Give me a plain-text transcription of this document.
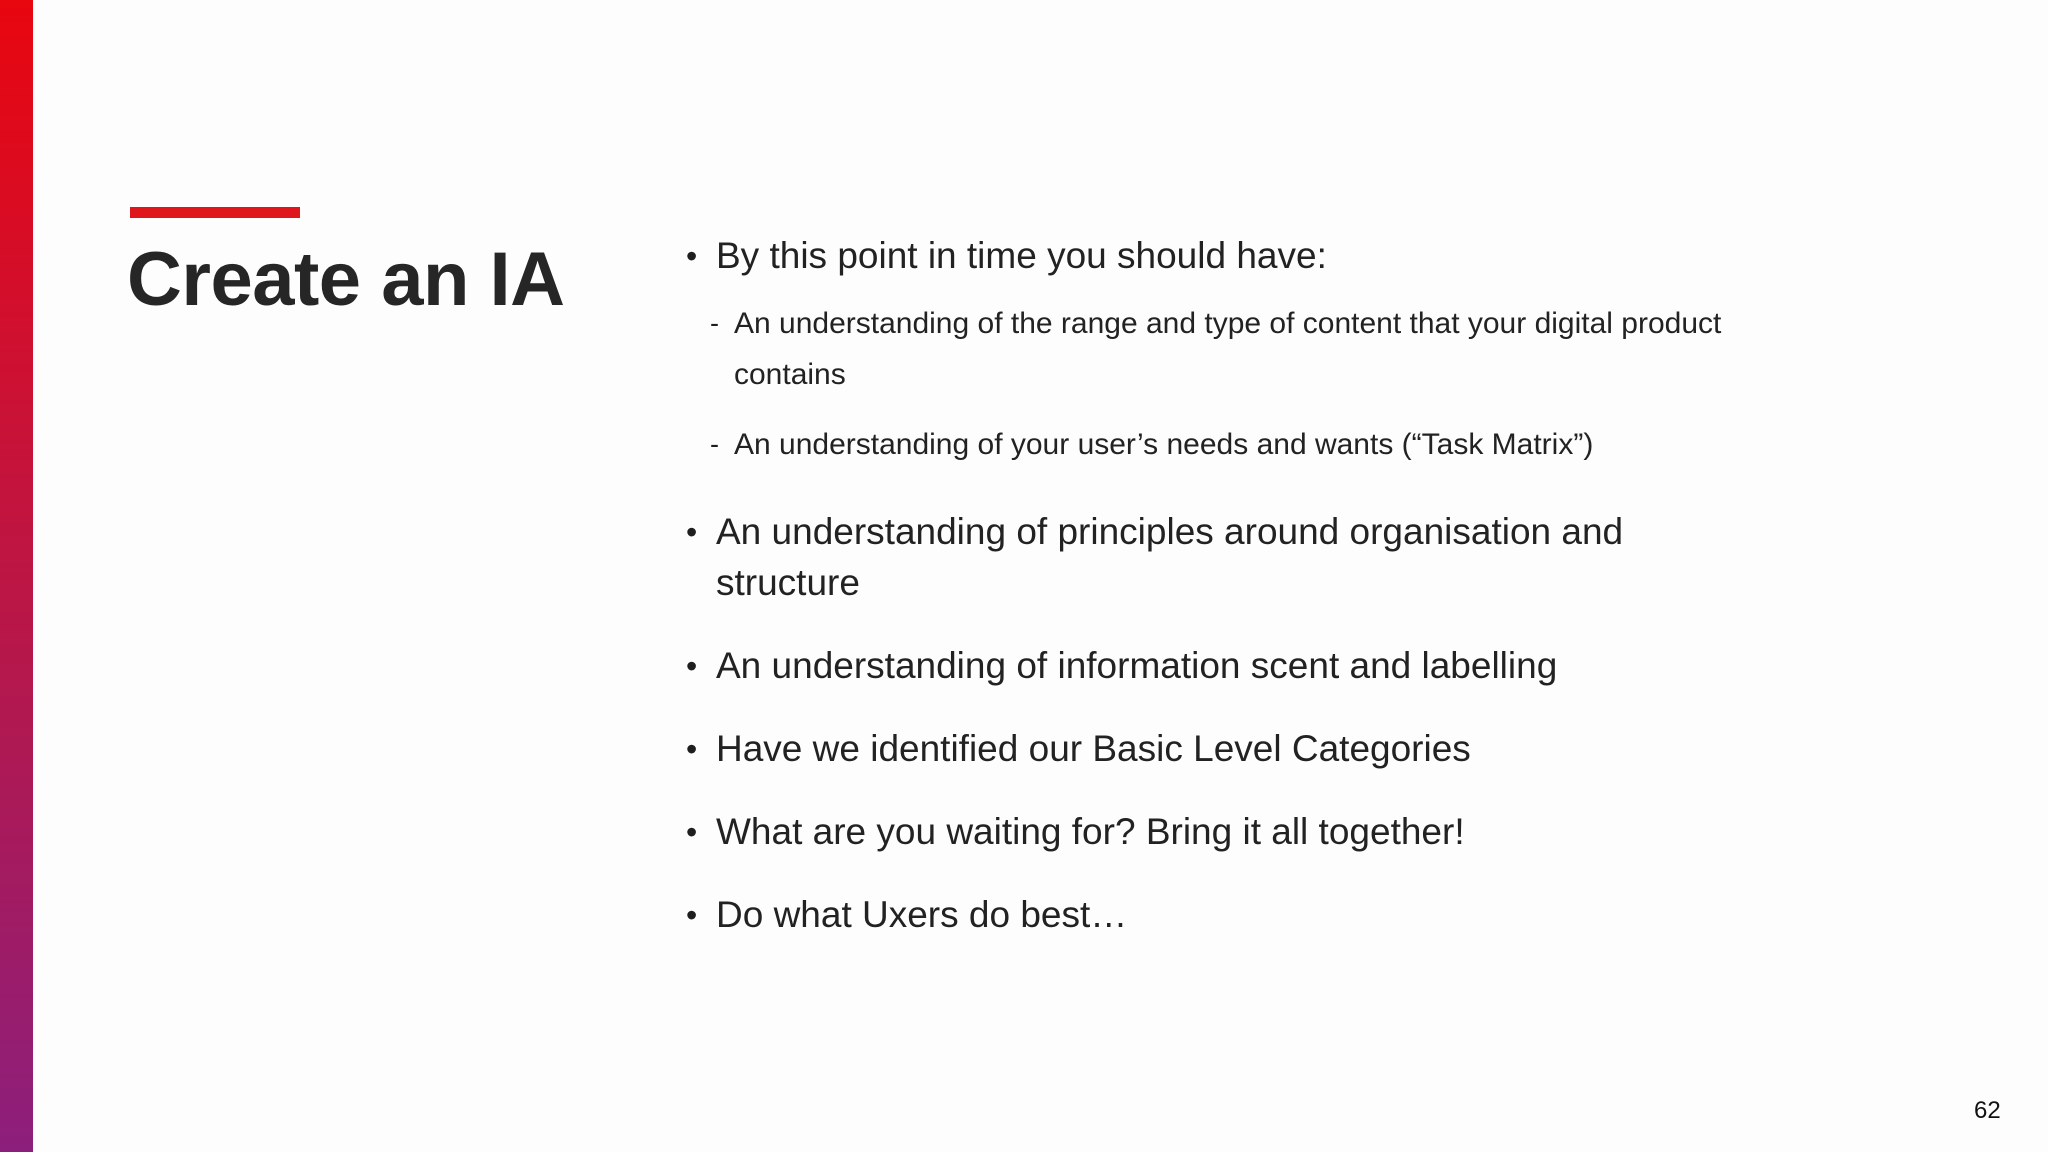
Create an IA	• By this point in time you should have:
- An understanding of the range and type of content that your digital product contains
- An understanding of your user’s needs and wants (“Task Matrix”)
• An understanding of principles around organisation and structure
• An understanding of information scent and labelling
• Have we identified our Basic Level Categories
• What are you waiting for? Bring it all together!
• Do what Uxers do best…
62
